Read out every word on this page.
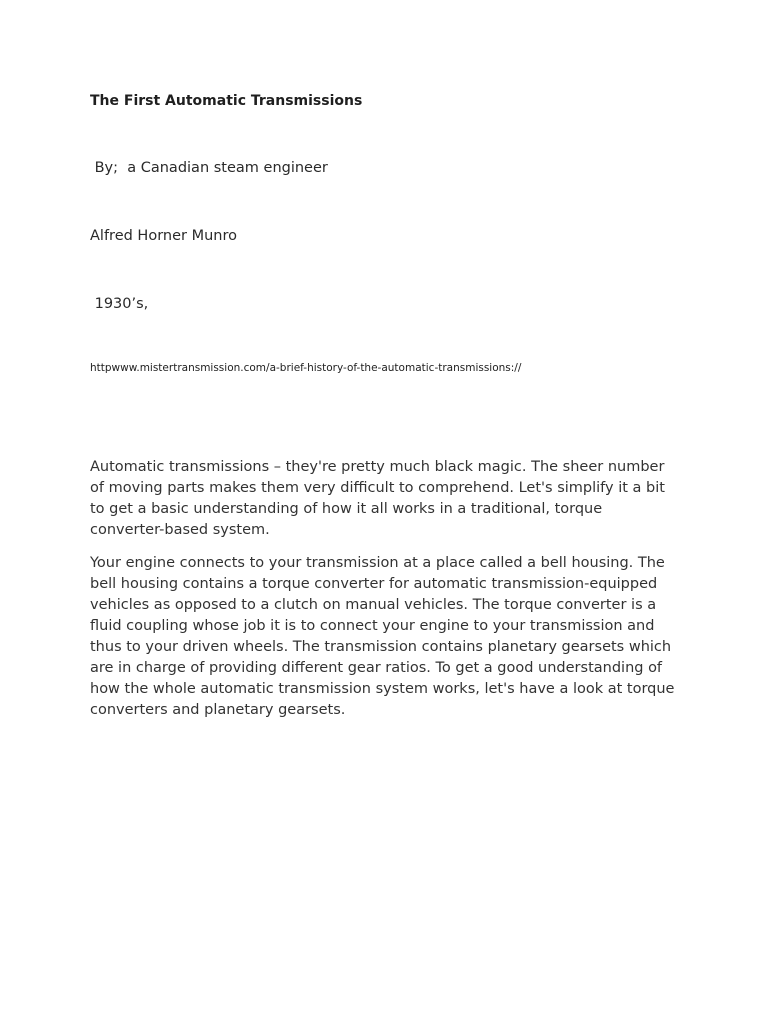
The First Automatic Transmissions

By;  a Canadian steam engineer

Alfred Horner Munro

1930’s,

httpwww.mistertransmission.com/a-brief-history-of-the-automatic-transmissions://

Automatic transmissions – they're pretty much black magic. The sheer number of moving parts makes them very difficult to comprehend. Let's simplify it a bit to get a basic understanding of how it all works in a traditional, torque converter-based system.

Your engine connects to your transmission at a place called a bell housing. The bell housing contains a torque converter for automatic transmission-equipped vehicles as opposed to a clutch on manual vehicles. The torque converter is a fluid coupling whose job it is to connect your engine to your transmission and thus to your driven wheels. The transmission contains planetary gearsets which are in charge of providing different gear ratios. To get a good understanding of how the whole automatic transmission system works, let's have a look at torque converters and planetary gearsets.
